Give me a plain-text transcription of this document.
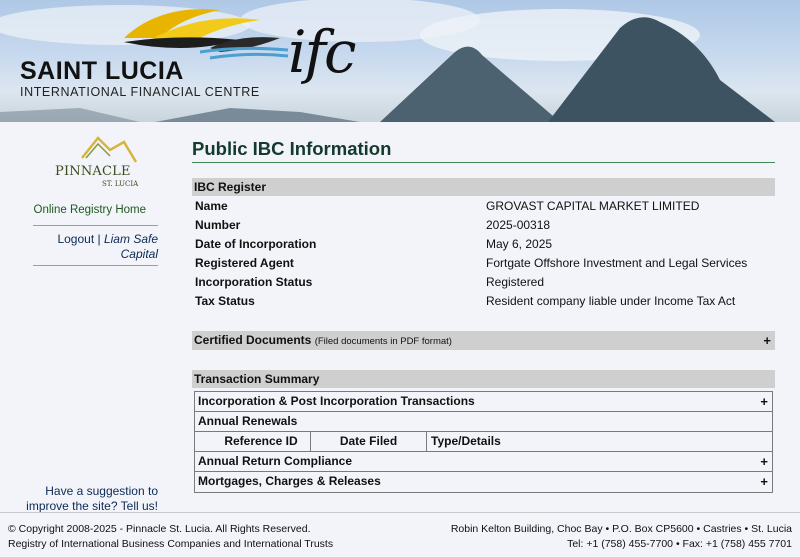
SAINT LUCIA
INTERNATIONAL FINANCIAL CENTRE
ifc
PINNACLE
ST. LUCIA
Online Registry Home
Logout | Liam Safe Capital
Have a suggestion to improve the site? Tell us!
Public IBC Information
IBC Register
Name	GROVAST CAPITAL MARKET LIMITED
Number	2025-00318
Date of Incorporation	May 6, 2025
Registered Agent	Fortgate Offshore Investment and Legal Services
Incorporation Status	Registered
Tax Status	Resident company liable under Income Tax Act
Certified Documents (Filed documents in PDF format)	+
Transaction Summary
Incorporation & Post Incorporation Transactions	+
Annual Renewals
Reference ID	Date Filed	Type/Details
Annual Return Compliance	+
Mortgages, Charges & Releases	+
© Copyright 2008-2025 - Pinnacle St. Lucia. All Rights Reserved.
Registry of International Business Companies and International Trusts
Robin Kelton Building, Choc Bay • P.O. Box CP5600 • Castries • St. Lucia
Tel: +1 (758) 455-7700 • Fax: +1 (758) 455 7701
